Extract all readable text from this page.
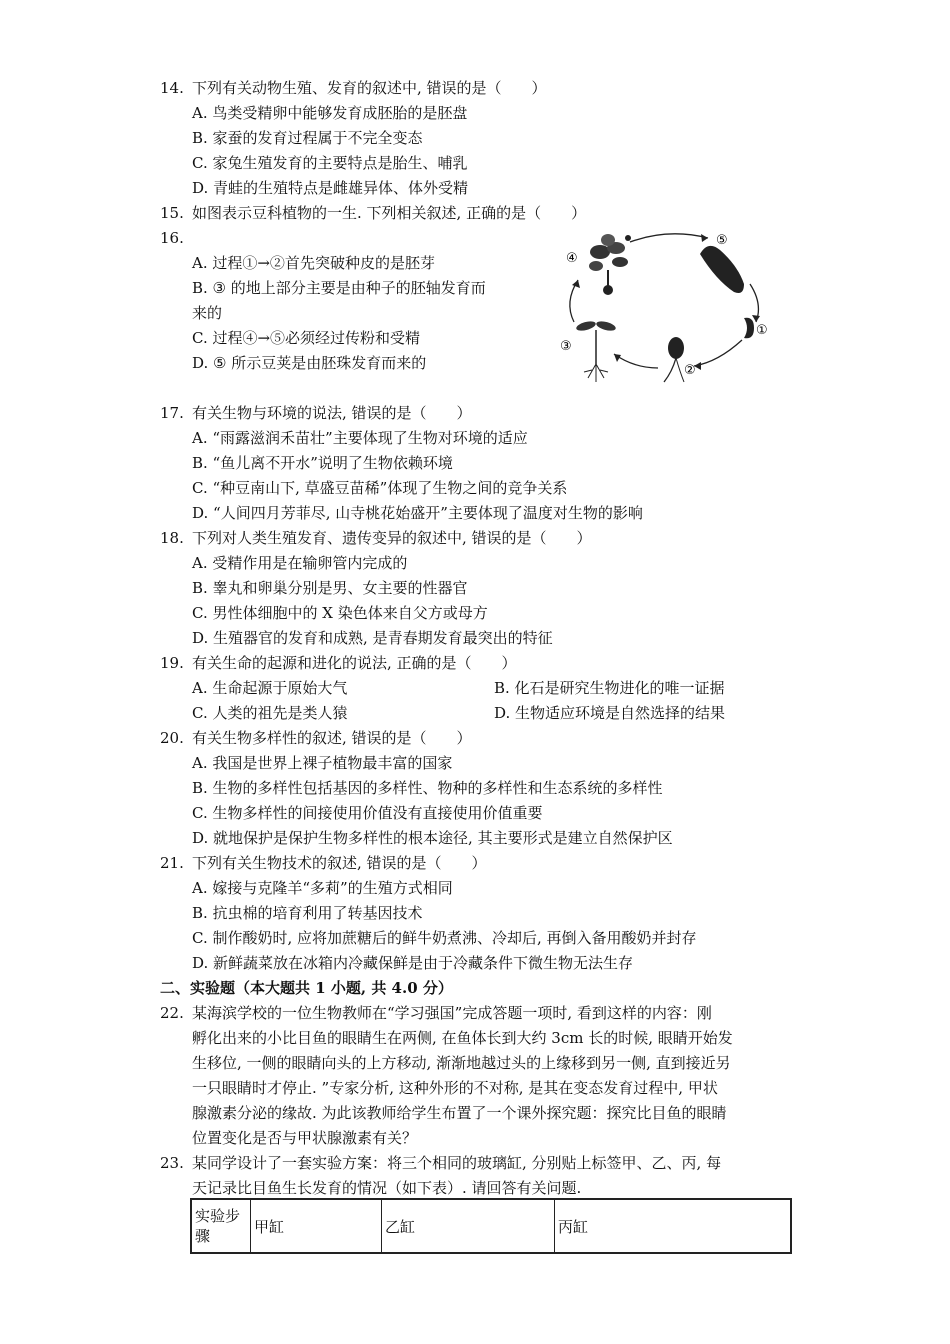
14. 下列有关动物生殖、发育的叙述中, 错误的是（　　）
A. 鸟类受精卵中能够发育成胚胎的是胚盘
B. 家蚕的发育过程属于不完全变态
C. 家兔生殖发育的主要特点是胎生、哺乳
D. 青蛙的生殖特点是雌雄异体、体外受精
15. 如图表示豆科植物的一生. 下列相关叙述, 正确的是（　　）
16.
A. 过程①→②首先突破种皮的是胚芽
B. ③ 的地上部分主要是由种子的胚轴发育而
来的
C. 过程④→⑤必须经过传粉和受精
D. ⑤ 所示豆荚是由胚珠发育而来的
④
⑤
①
②
③
17. 有关生物与环境的说法, 错误的是（　　）
A. “雨露滋润禾苗壮”主要体现了生物对环境的适应
B. “鱼儿离不开水”说明了生物依赖环境
C. “种豆南山下, 草盛豆苗稀”体现了生物之间的竞争关系
D. “人间四月芳菲尽, 山寺桃花始盛开”主要体现了温度对生物的影响
18. 下列对人类生殖发育、遗传变异的叙述中, 错误的是（　　）
A. 受精作用是在输卵管内完成的
B. 睾丸和卵巢分别是男、女主要的性器官
C. 男性体细胞中的 X 染色体来自父方或母方
D. 生殖器官的发育和成熟, 是青春期发育最突出的特征
19. 有关生命的起源和进化的说法, 正确的是（　　）
A. 生命起源于原始大气	B. 化石是研究生物进化的唯一证据
C. 人类的祖先是类人猿	D. 生物适应环境是自然选择的结果
20. 有关生物多样性的叙述, 错误的是（　　）
A. 我国是世界上裸子植物最丰富的国家
B. 生物的多样性包括基因的多样性、物种的多样性和生态系统的多样性
C. 生物多样性的间接使用价值没有直接使用价值重要
D. 就地保护是保护生物多样性的根本途径, 其主要形式是建立自然保护区
21. 下列有关生物技术的叙述, 错误的是（　　）
A. 嫁接与克隆羊“多莉”的生殖方式相同
B. 抗虫棉的培育利用了转基因技术
C. 制作酸奶时, 应将加蔗糖后的鲜牛奶煮沸、冷却后, 再倒入备用酸奶并封存
D. 新鲜蔬菜放在冰箱内冷藏保鲜是由于冷藏条件下微生物无法生存
二、实验题（本大题共 1 小题, 共 4.0 分）
22. 某海滨学校的一位生物教师在“学习强国”完成答题一项时, 看到这样的内容：刚
孵化出来的小比目鱼的眼睛生在两侧, 在鱼体长到大约 3cm 长的时候, 眼睛开始发
生移位, 一侧的眼睛向头的上方移动, 渐渐地越过头的上缘移到另一侧, 直到接近另
一只眼睛时才停止. ”专家分析, 这种外形的不对称, 是其在变态发育过程中, 甲状
腺激素分泌的缘故. 为此该教师给学生布置了一个课外探究题：探究比目鱼的眼睛
位置变化是否与甲状腺激素有关？
23. 某同学设计了一套实验方案：将三个相同的玻璃缸, 分别贴上标签甲、乙、丙, 每
天记录比目鱼生长发育的情况（如下表）. 请回答有关问题.
实验步
骤
	甲缸	乙缸	丙缸
